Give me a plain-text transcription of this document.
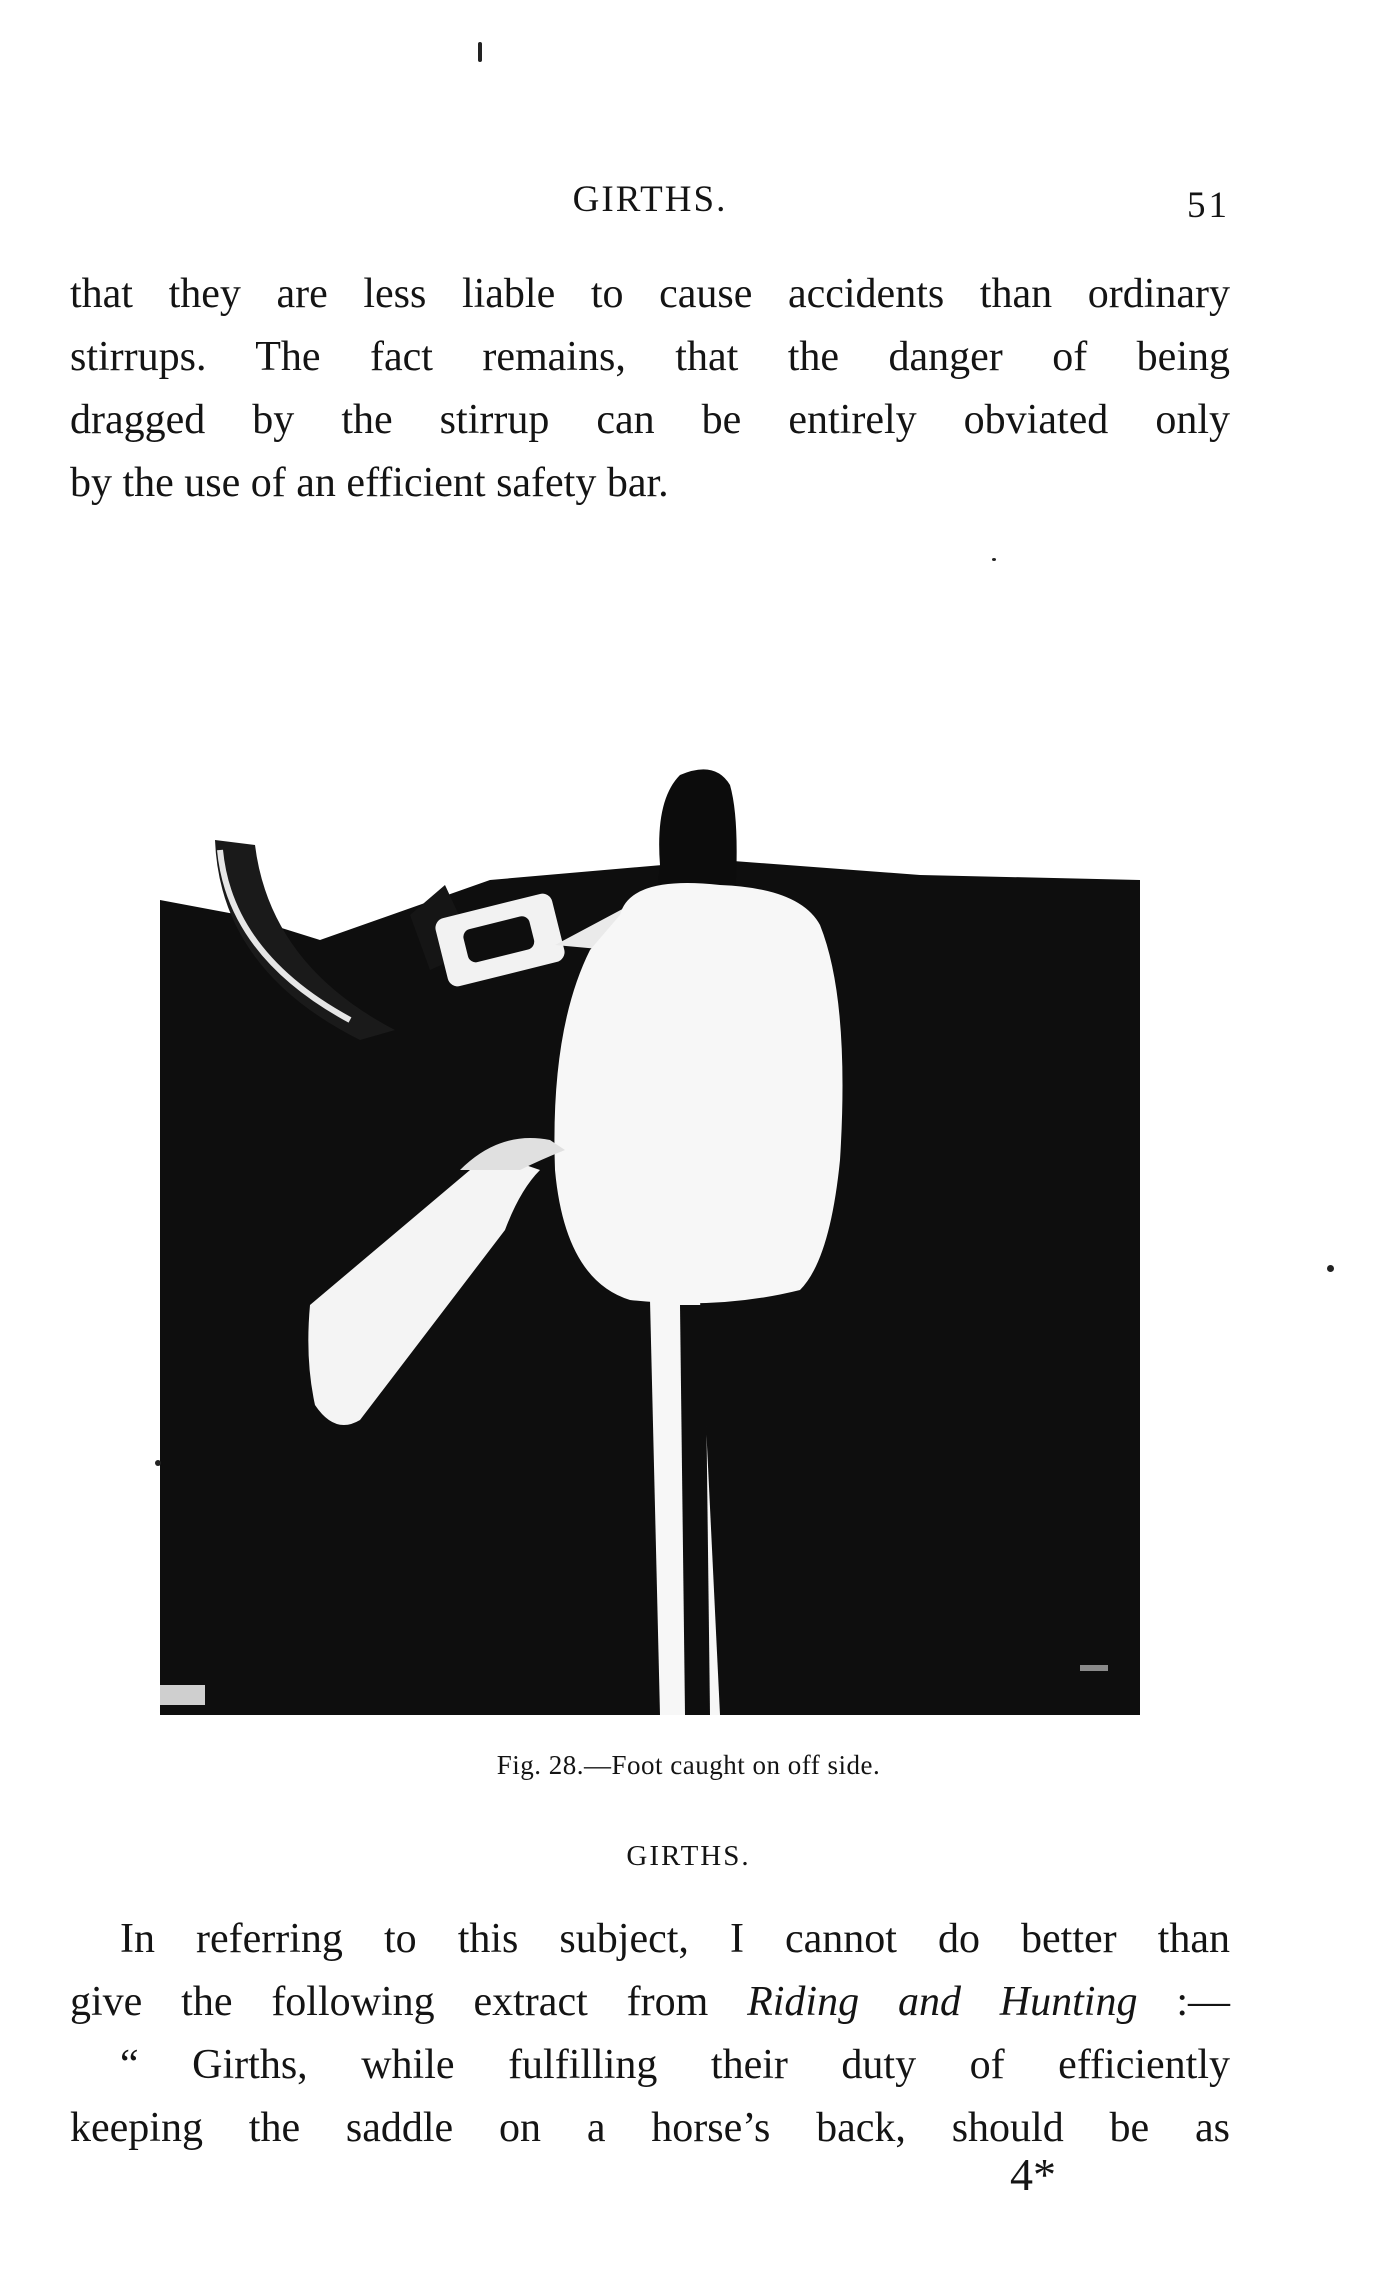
GIRTHS.	51

that they are less liable to cause accidents than ordinary
stirrups. The fact remains, that the danger of being
dragged by the stirrup can be entirely obviated only
by the use of an efficient safety bar.

Fig. 28.—Foot caught on off side.
GIRTHS.

In referring to this subject, I cannot do better than
give the following extract from Riding and Hunting :—
“ Girths, while fulfilling their duty of efficiently
keeping the saddle on a horse’s back, should be as

4*
